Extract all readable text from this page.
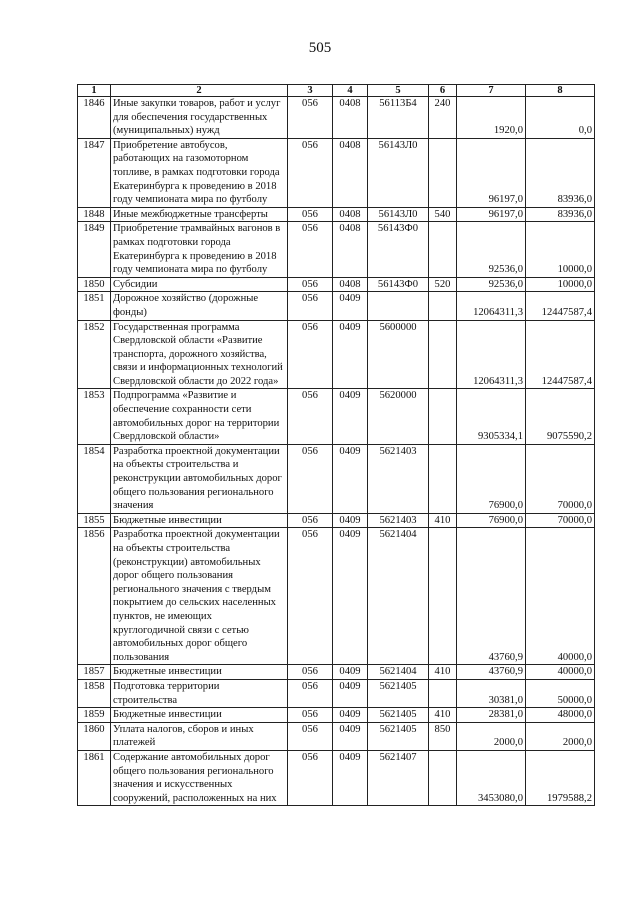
505
1	2	3	4	5	6	7	8
1846	Иные закупки товаров, работ и услуг для обеспечения государственных (муниципальных) нужд	056	0408	56113Б4	240	1920,0	0,0
1847	Приобретение автобусов, работающих на газомоторном топливе, в рамках подготовки города Екатеринбурга к проведению в 2018 году чемпионата мира по футболу	056	0408	56143Л0		96197,0	83936,0
1848	Иные межбюджетные трансферты	056	0408	56143Л0	540	96197,0	83936,0
1849	Приобретение трамвайных вагонов в рамках подготовки города Екатеринбурга к проведению в 2018 году чемпионата мира по футболу	056	0408	56143Ф0		92536,0	10000,0
1850	Субсидии	056	0408	56143Ф0	520	92536,0	10000,0
1851	Дорожное хозяйство (дорожные фонды)	056	0409			12064311,3	12447587,4
1852	Государственная программа Свердловской области «Развитие транспорта, дорожного хозяйства, связи и информационных технологий Свердловской области до 2022 года»	056	0409	5600000		12064311,3	12447587,4
1853	Подпрограмма «Развитие и обеспечение сохранности сети автомобильных дорог на территории Свердловской области»	056	0409	5620000		9305334,1	9075590,2
1854	Разработка проектной документации на объекты строительства и реконструкции автомобильных дорог общего пользования регионального значения	056	0409	5621403		76900,0	70000,0
1855	Бюджетные инвестиции	056	0409	5621403	410	76900,0	70000,0
1856	Разработка проектной документации на объекты строительства (реконструкции) автомобильных дорог общего пользования регионального значения с твердым покрытием до сельских населенных пунктов, не имеющих круглогодичной связи с сетью автомобильных дорог общего пользования	056	0409	5621404		43760,9	40000,0
1857	Бюджетные инвестиции	056	0409	5621404	410	43760,9	40000,0
1858	Подготовка территории строительства	056	0409	5621405		30381,0	50000,0
1859	Бюджетные инвестиции	056	0409	5621405	410	28381,0	48000,0
1860	Уплата налогов, сборов и иных платежей	056	0409	5621405	850	2000,0	2000,0
1861	Содержание автомобильных дорог общего пользования регионального значения и искусственных сооружений, расположенных на них	056	0409	5621407		3453080,0	1979588,2
